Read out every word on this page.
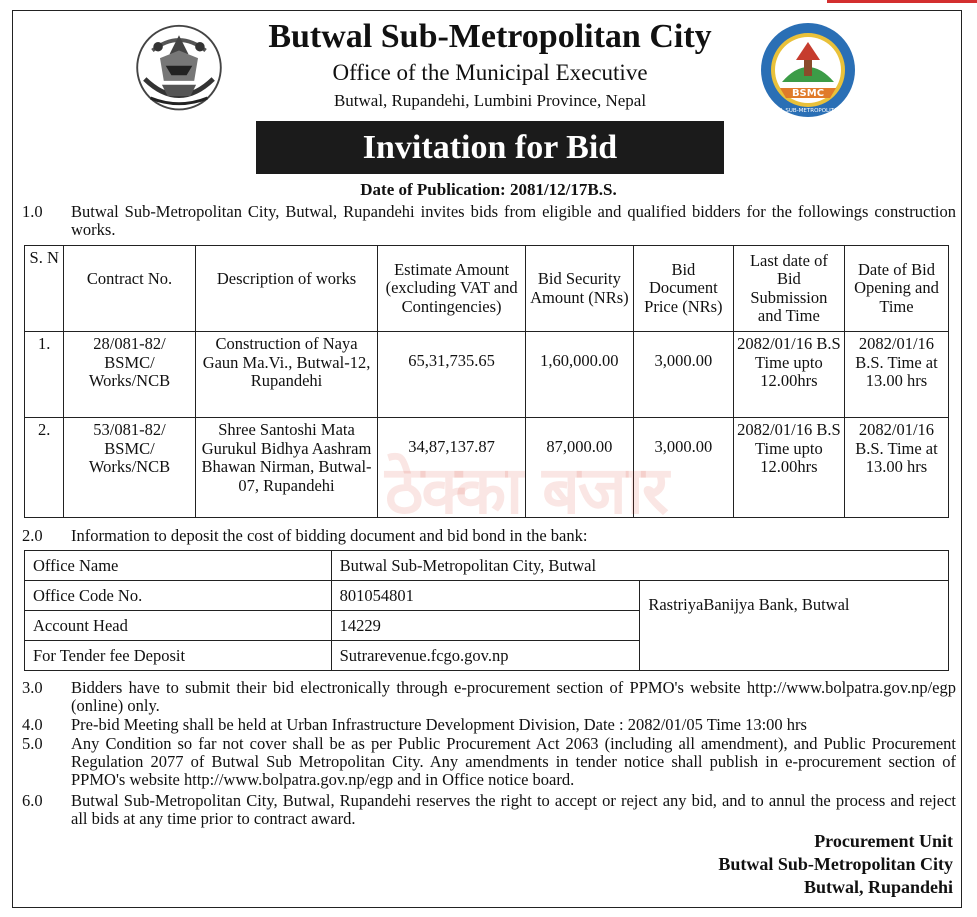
BSMC
BUTWAL SUB-METROPOLITAN CITY
Butwal Sub-Metropolitan City
Office of the Municipal Executive
Butwal, Rupandehi, Lumbini Province, Nepal
Invitation for Bid
Date of Publication: 2081/12/17B.S.
1.0 Butwal Sub-Metropolitan City, Butwal, Rupandehi invites bids from eligible and qualified bidders for the followings construction works.
S. N	Contract No.	Description of works	Estimate Amount (excluding VAT and Contingencies)	Bid Security Amount (NRs)	Bid Document Price (NRs)	Last date of Bid Submission and Time	Date of Bid Opening and Time
1.	28/081-82/ BSMC/ Works/NCB	Construction of Naya Gaun Ma.Vi., Butwal-12, Rupandehi	65,31,735.65	1,60,000.00	3,000.00	2082/01/16 B.S Time upto 12.00hrs	2082/01/16 B.S. Time at 13.00 hrs
2.	53/081-82/ BSMC/ Works/NCB	Shree Santoshi Mata Gurukul Bidhya Aashram Bhawan Nirman, Butwal-07, Rupandehi	34,87,137.87	87,000.00	3,000.00	2082/01/16 B.S Time upto 12.00hrs	2082/01/16 B.S. Time at 13.00 hrs
ठेक्का बजार
2.0 Information to deposit the cost of bidding document and bid bond in the bank:
Office Name	Butwal Sub-Metropolitan City, Butwal	
Office Code No.	801054801	RastriyaBanijya Bank, Butwal
Account Head	14229	
For Tender fee Deposit	Sutrarevenue.fcgo.gov.np	
3.0 Bidders have to submit their bid electronically through e-procurement section of PPMO's website http://www.bolpatra.gov.np/egp (online) only.
4.0 Pre-bid Meeting shall be held at Urban Infrastructure Development Division, Date : 2082/01/05 Time 13:00 hrs
5.0 Any Condition so far not cover shall be as per Public Procurement Act 2063 (including all amendment), and Public Procurement Regulation 2077 of Butwal Sub Metropolitan City. Any amendments in tender notice shall publish in e-procurement section of PPMO's website http://www.bolpatra.gov.np/egp and in Office notice board.
6.0 Butwal Sub-Metropolitan City, Butwal, Rupandehi reserves the right to accept or reject any bid, and to annul the process and reject all bids at any time prior to contract award.
Procurement Unit
Butwal Sub-Metropolitan City
Butwal, Rupandehi
